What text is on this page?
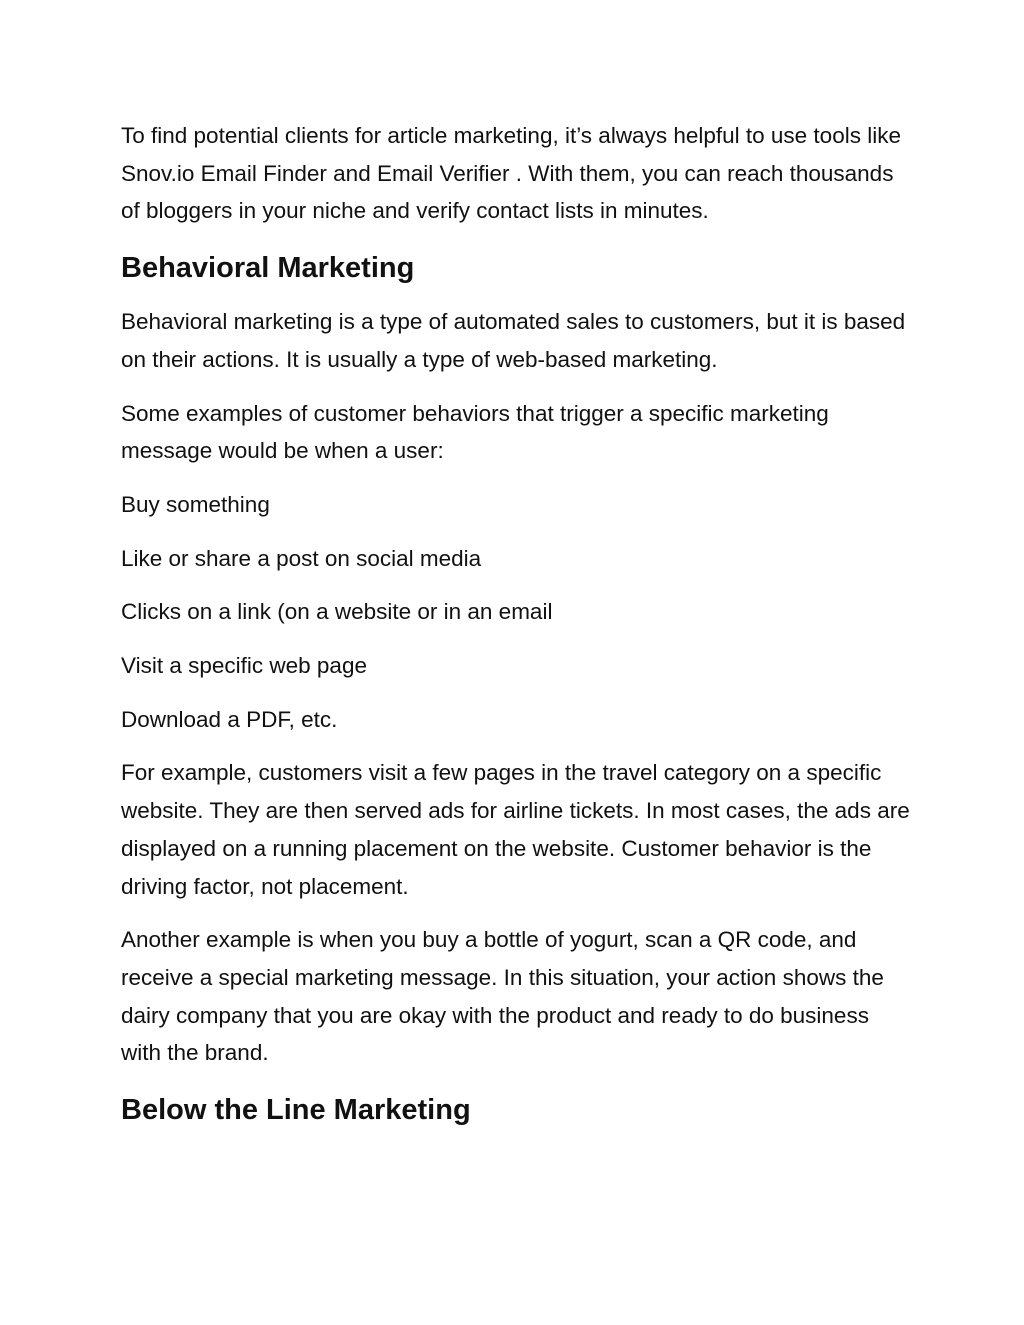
To find potential clients for article marketing, it’s always helpful to use tools like Snov.io Email Finder and Email Verifier . With them, you can reach thousands of bloggers in your niche and verify contact lists in minutes.

Behavioral Marketing

Behavioral marketing is a type of automated sales to customers, but it is based on their actions. It is usually a type of web-based marketing.

Some examples of customer behaviors that trigger a specific marketing message would be when a user:

Buy something

Like or share a post on social media

Clicks on a link (on a website or in an email

Visit a specific web page

Download a PDF, etc.

For example, customers visit a few pages in the travel category on a specific website. They are then served ads for airline tickets. In most cases, the ads are displayed on a running placement on the website. Customer behavior is the driving factor, not placement.

Another example is when you buy a bottle of yogurt, scan a QR code, and receive a special marketing message. In this situation, your action shows the dairy company that you are okay with the product and ready to do business with the brand.

Below the Line Marketing
